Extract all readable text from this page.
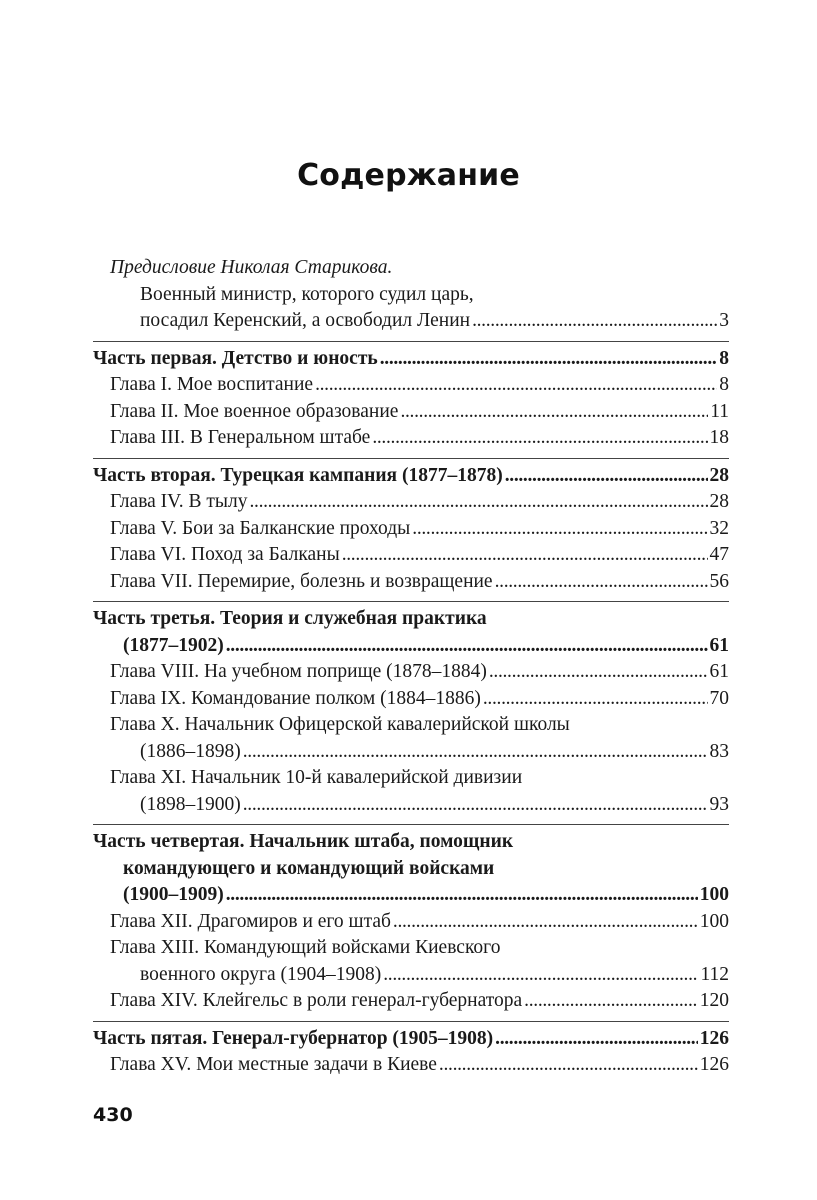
Содержание
Предисловие Николая Старикова.
Военный министр, которого судил царь,
посадил Керенский, а освободил Ленин . . .	3
Часть первая. Детство и юность . . .	8
Глава I. Мое воспитание . . .	8
Глава II. Мое военное образование . . .	11
Глава III. В Генеральном штабе . . .	18
Часть вторая. Турецкая кампания (1877–1878) . . .	28
Глава IV. В тылу . . .	28
Глава V. Бои за Балканские проходы . . .	32
Глава VI. Поход за Балканы . . .	47
Глава VII. Перемирие, болезнь и возвращение . . .	56
Часть третья. Теория и служебная практика
(1877–1902) . . .	61
Глава VIII. На учебном поприще (1878–1884) . . .	61
Глава IX. Командование полком (1884–1886) . . .	70
Глава X. Начальник Офицерской кавалерийской школы
(1886–1898) . . .	83
Глава XI. Начальник 10-й кавалерийской дивизии
(1898–1900) . . .	93
Часть четвертая. Начальник штаба, помощник
командующего и командующий войсками
(1900–1909) . . .	100
Глава XII. Драгомиров и его штаб . . .	100
Глава XIII. Командующий войсками Киевского
военного округа (1904–1908) . . .	112
Глава XIV. Клейгельс в роли генерал-губернатора . . .	120
Часть пятая. Генерал-губернатор (1905–1908) . . .	126
Глава XV. Мои местные задачи в Киеве . . .	126
430
